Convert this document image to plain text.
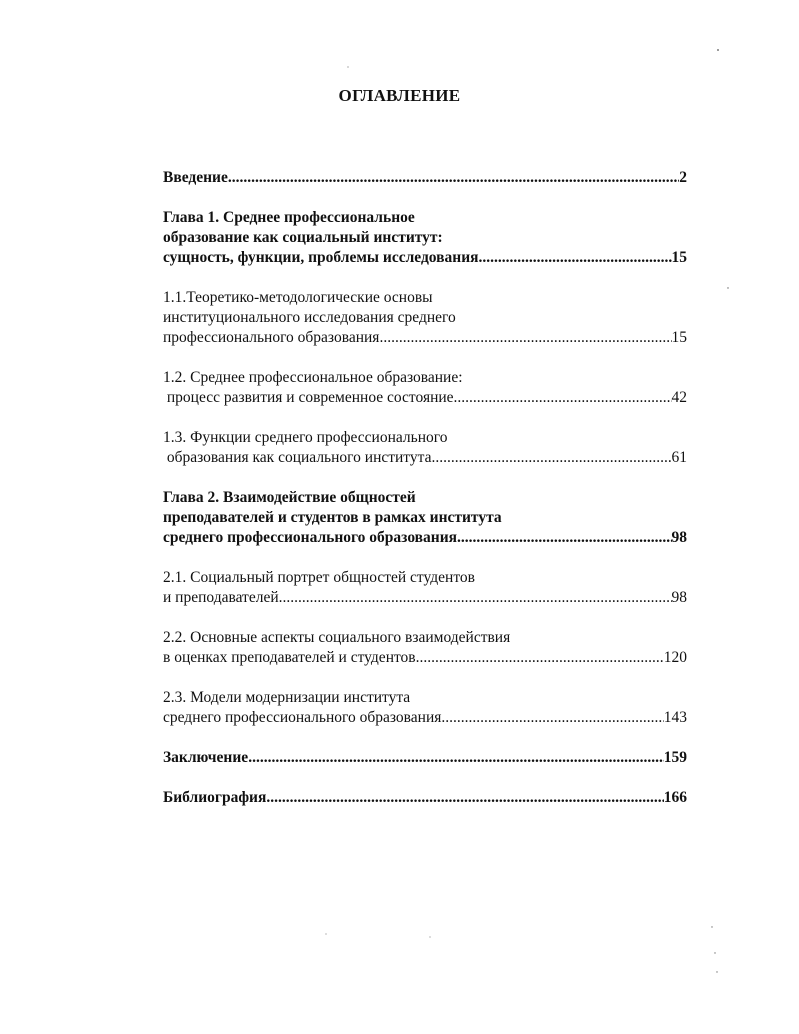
ОГЛАВЛЕНИЕ
Введение .....	2
Глава 1. Среднее профессиональное
образование как социальный институт:
сущность, функции, проблемы исследования .....	15
1.1.Теоретико-методологические основы
институционального исследования среднего
профессионального образования .....	15
1.2. Среднее профессиональное образование:
процесс развития и современное состояние .....	42
1.3. Функции среднего профессионального
образования как социального института .....	61
Глава 2. Взаимодействие общностей
преподавателей и студентов в рамках института
среднего профессионального образования .....	98
2.1. Социальный портрет общностей студентов
и преподавателей .....	98
2.2. Основные аспекты социального взаимодействия
в оценках преподавателей и студентов .....	120
2.3. Модели модернизации института
среднего профессионального образования .....	143
Заключение .....	159
Библиография .....	166
